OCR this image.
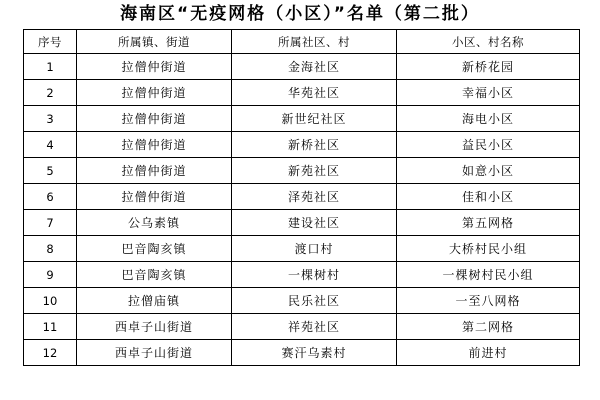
海南区“无疫网格（小区）”名单（第二批）
序号	所属镇、街道	所属社区、村	小区、村名称
1	拉僧仲街道	金海社区	新桥花园
2	拉僧仲街道	华苑社区	幸福小区
3	拉僧仲街道	新世纪社区	海电小区
4	拉僧仲街道	新桥社区	益民小区
5	拉僧仲街道	新苑社区	如意小区
6	拉僧仲街道	泽苑社区	佳和小区
7	公乌素镇	建设社区	第五网格
8	巴音陶亥镇	渡口村	大桥村民小组
9	巴音陶亥镇	一棵树村	一棵树村民小组
10	拉僧庙镇	民乐社区	一至八网格
11	西卓子山街道	祥苑社区	第二网格
12	西卓子山街道	赛汗乌素村	前进村
